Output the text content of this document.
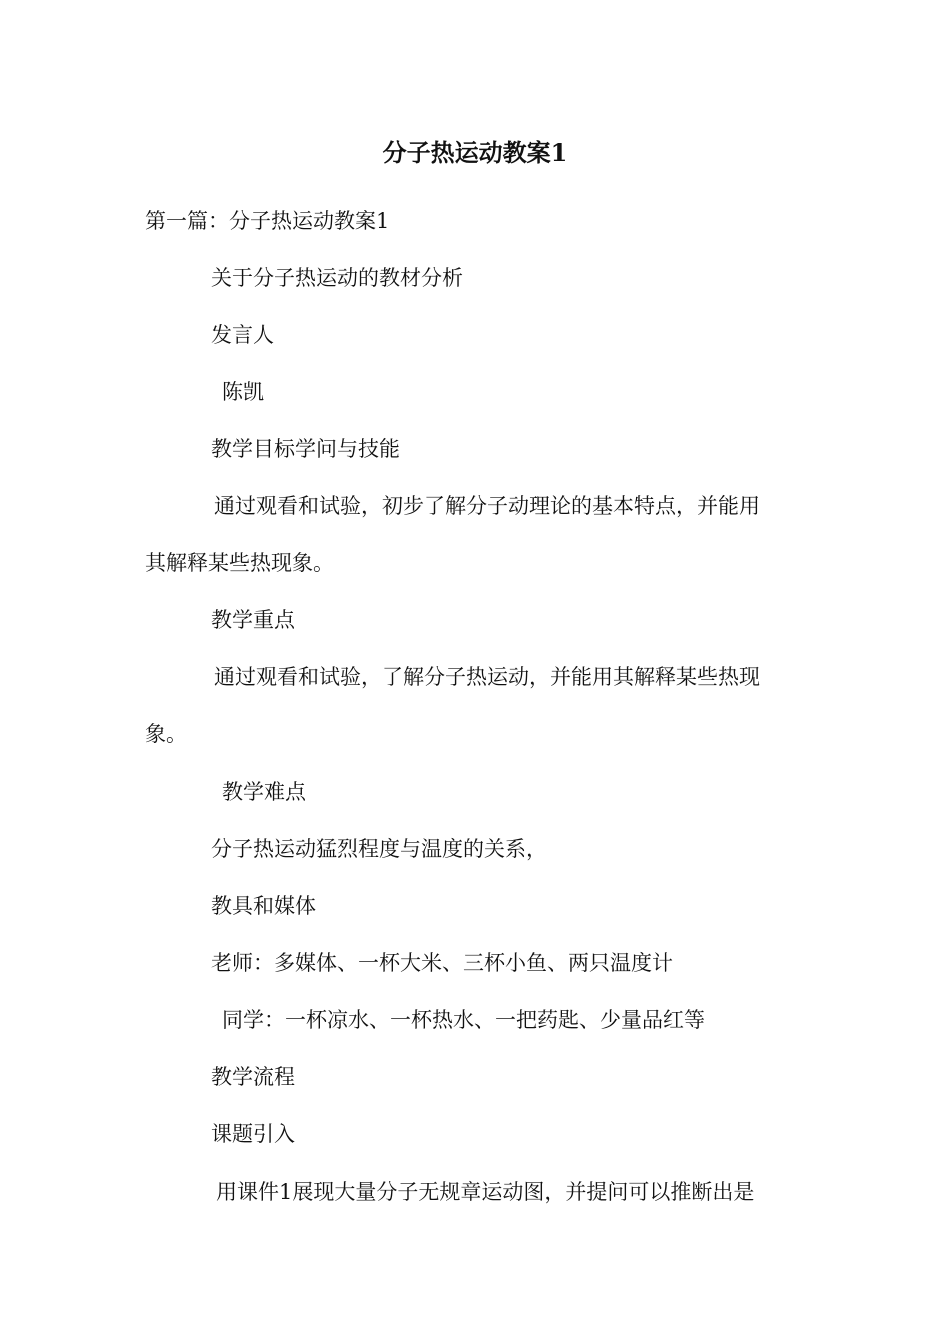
分子热运动教案1

第一篇：分子热运动教案1

关于分子热运动的教材分析

发言人

陈凯

教学目标学问与技能

通过观看和试验，初步了解分子动理论的基本特点，并能用

其解释某些热现象。

教学重点

通过观看和试验，了解分子热运动，并能用其解释某些热现

象。

教学难点

分子热运动猛烈程度与温度的关系，

教具和媒体

老师：多媒体、一杯大米、三杯小鱼、两只温度计

同学：一杯凉水、一杯热水、一把药匙、少量品红等

教学流程

课题引入

用课件1展现大量分子无规章运动图，并提问可以推断出是
